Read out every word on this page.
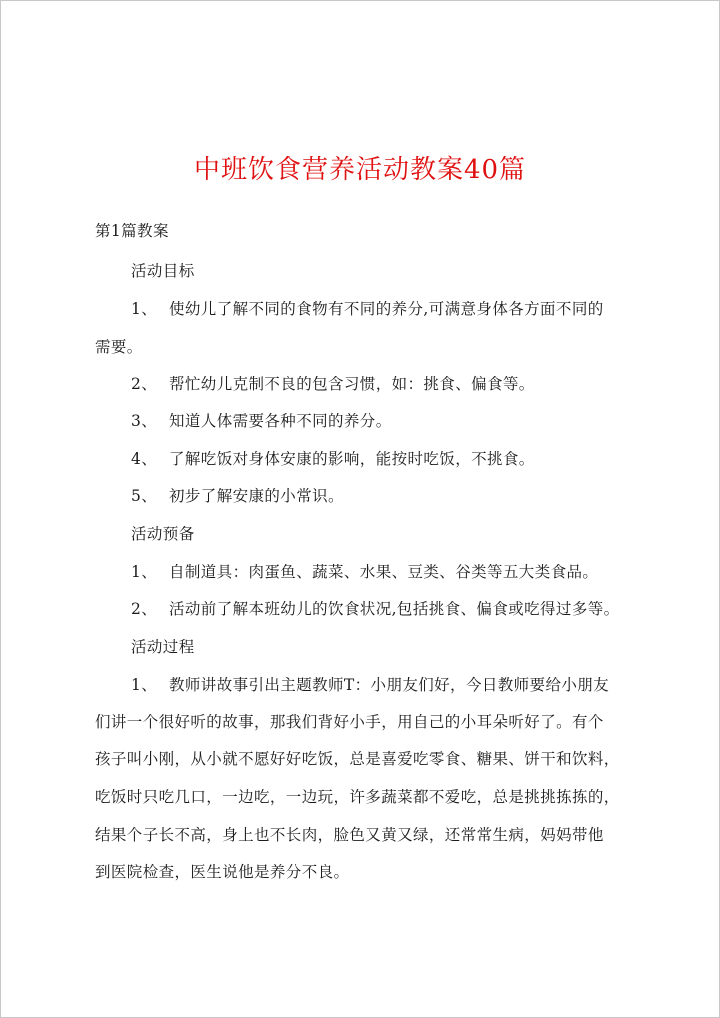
中班饮食营养活动教案40篇
第1篇教案
活动目标
1、 使幼儿了解不同的食物有不同的养分,可满意身体各方面不同的
需要。
2、 帮忙幼儿克制不良的包含习惯，如：挑食、偏食等。
3、 知道人体需要各种不同的养分。
4、 了解吃饭对身体安康的影响，能按时吃饭，不挑食。
5、 初步了解安康的小常识。
活动预备
1、 自制道具：肉蛋鱼、蔬菜、水果、豆类、谷类等五大类食品。
2、 活动前了解本班幼儿的饮食状况,包括挑食、偏食或吃得过多等。
活动过程
1、 教师讲故事引出主题教师T：小朋友们好，今日教师要给小朋友
们讲一个很好听的故事，那我们背好小手，用自己的小耳朵听好了。有个
孩子叫小刚，从小就不愿好好吃饭，总是喜爱吃零食、糖果、饼干和饮料，
吃饭时只吃几口，一边吃，一边玩，许多蔬菜都不爱吃，总是挑挑拣拣的，
结果个子长不高，身上也不长肉，脸色又黄又绿，还常常生病，妈妈带他
到医院检查，医生说他是养分不良。
